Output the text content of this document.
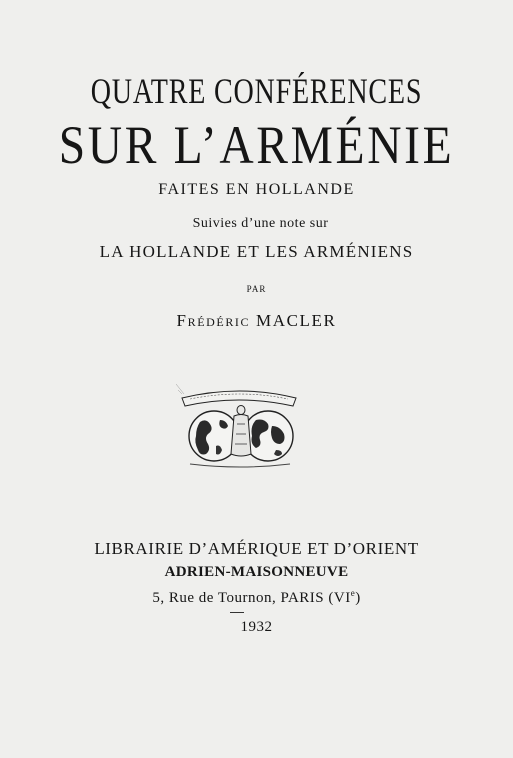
QUATRE CONFÉRENCES
SUR L’ARMÉNIE
FAITES EN HOLLANDE
Suivies d’une note sur
LA HOLLANDE ET LES ARMÉNIENS
PAR
Frédéric MACLER
LIBRAIRIE D’AMÉRIQUE ET D’ORIENT
ADRIEN-MAISONNEUVE
5, Rue de Tournon, PARIS (VIe)
1932
